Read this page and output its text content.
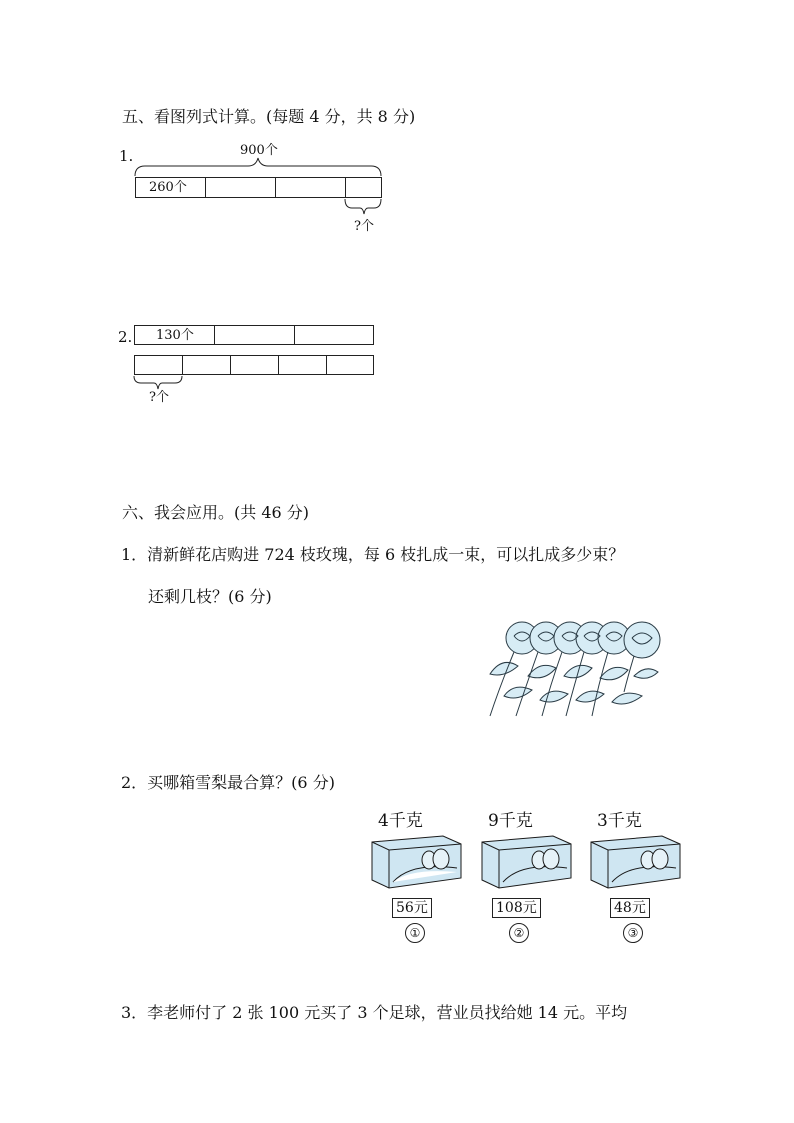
五、看图列式计算。(每题 4 分，共 8 分)
1.	900个
260个
?个
2. 130个
?个
六、我会应用。(共 46 分)
1．清新鲜花店购进 724 枝玫瑰，每 6 枝扎成一束，可以扎成多少束？
还剩几枝？(6 分)
2．买哪箱雪梨最合算？(6 分)
4千克
56元
①
9千克
108元
②
3千克
48元
③
3．李老师付了 2 张 100 元买了 3 个足球，营业员找给她 14 元。平均
